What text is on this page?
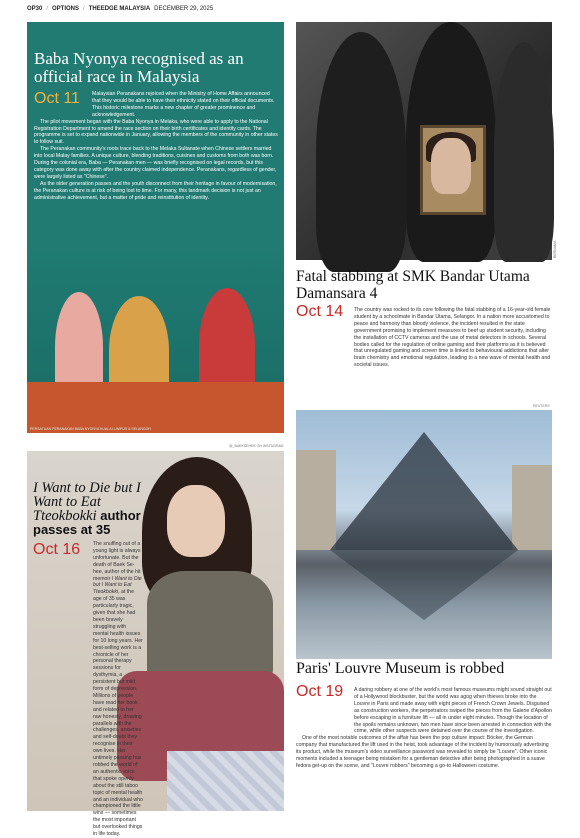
OP30 / OPTIONS / THEEDGE MALAYSIA DECEMBER 29, 2025
Baba Nyonya recognised as an official race in Malaysia
Oct 11	Malaysian Peranakans rejoiced when the Ministry of Home Affairs announced that they would be able to have their ethnicity stated on their official documents. This historic milestone marks a new chapter of greater prominence and acknowledgement.

The pilot movement began with the Baba Nyonya in Melaka, who were able to apply to the National Registration Department to amend the race section on their birth certificates and identity cards. The programme is set to expand nationwide in January, allowing the members of the community in other states to follow suit.

The Peranakan community's roots trace back to the Melaka Sultanate when Chinese settlers married into local Malay families. A unique culture, blending traditions, cuisines and customs from both was born. During the colonial era, Baba — Peranakan men — was briefly recognised on legal records, but this category was done away with after the country claimed independence. Peranakans, regardless of gender, were largely listed as "Chinese".

As the older generation passes and the youth disconnect from their heritage in favour of modernisation, the Peranakan culture is at risk of being lost to time. For many, this landmark decision is not just an administrative achievement, but a matter of pride and reinstitution of identity.

PERSATUAN PERANAKAN BABA NYONYA KUALA LUMPUR & SELANGOR
BERNAMA
Fatal stabbing at SMK Bandar Utama Damansara 4
Oct 14	The country was rocked to its core following the fatal stabbing of a 16-year-old female student by a schoolmate in Bandar Utama, Selangor. In a nation more accustomed to peace and harmony than bloody violence, the incident resulted in the state government promising to implement measures to beef up student security, including the installation of CCTV cameras and the use of metal detectors in schools. Several bodies called for the regulation of online gaming and their platforms as it is believed that unregulated gaming and screen time is linked to behavioural addictions that alter brain chemistry and emotional regulation, leading to a new wave of mental health and societal issues.

REUTERS
Paris' Louvre Museum is robbed
Oct 19	A daring robbery at one of the world's most famous museums might sound straight out of a Hollywood blockbuster, but the world was agog when thieves broke into the Louvre in Paris and made away with eight pieces of French Crown Jewels. Disguised as construction workers, the perpetrators swiped the pieces from the Galerie d'Apollon before escaping in a furniture lift — all in under eight minutes. Though the location of the spoils remains unknown, two men have since been arrested in connection with the crime, while other suspects were detained over the course of the investigation.

One of the most notable outcomes of the affair has been the pop culture impact: Böcker, the German company that manufactured the lift used in the heist, took advantage of the incident by humorously advertising its product, while the museum's video surveillance password was revealed to simply be "Louvre". Other iconic moments included a teenager being mistaken for a gentleman detective after being photographed in a suave fedora get-up on the scene, and "Louvre robbers" becoming a go-to Halloween costume.

@_BAEKSEHEE ON INSTAGRAM
I Want to Die but I Want to Eat Tteokbokki author passes at 35
Oct 16	The snuffing out of a young light is always unfortunate. But the death of Baek Se-hee, author of the hit memoir I Want to Die but I Want to Eat Tteokbokki, at the age of 35 was particularly tragic, given that she had been bravely struggling with mental health issues for 10 long years. Her best-selling work is a chronicle of her personal therapy sessions for dysthymia, a persistent but mild form of depression. Millions of people have read her book and related to her raw honesty, drawing parallels with the challenges, anxieties and self-doubt they recognise in their own lives. Her untimely passing has robbed the world of an authentic voice that spoke openly about the still taboo topic of mental health and an individual who championed the little wins — sometimes the most important but overlooked things in life today.
